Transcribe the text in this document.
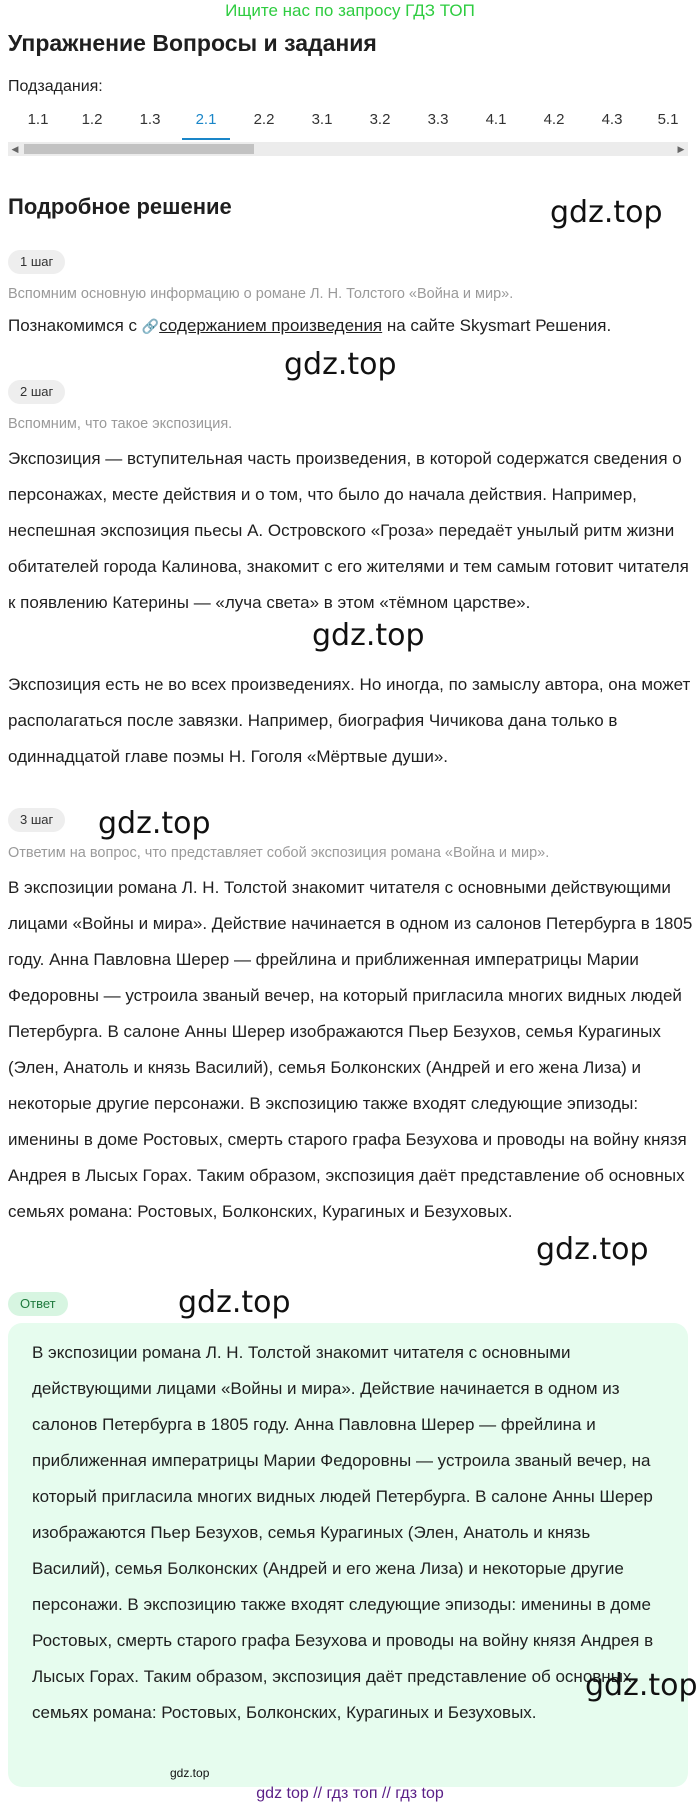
Ищите нас по запросу ГДЗ ТОП
Упражнение Вопросы и задания
Подзадания:
1.1	1.2	1.3	2.1	2.2	3.1	3.2	3.3	4.1	4.2	4.3	5.1
◀	▶
Подробное решение	gdz.top
1 шаг
Вспомним основную информацию о романе Л. Н. Толстого «Война и мир».
Познакомимся с 🔗содержанием произведения на сайте Skysmart Решения.
gdz.top
2 шаг
Вспомним, что такое экспозиция.
Экспозиция — вступительная часть произведения, в которой содержатся сведения о персонажах, месте действия и о том, что было до начала действия. Например, неспешная экспозиция пьесы А. Островского «Гроза» передаёт унылый ритм жизни обитателей города Калинова, знакомит с его жителями и тем самым готовит читателя к появлению Катерины — «луча света» в этом «тёмном царстве».
gdz.top
Экспозиция есть не во всех произведениях. Но иногда, по замыслу автора, она может располагаться после завязки. Например, биография Чичикова дана только в одиннадцатой главе поэмы Н. Гоголя «Мёртвые души».
gdz.top
3 шаг
Ответим на вопрос, что представляет собой экспозиция романа «Война и мир».
В экспозиции романа Л. Н. Толстой знакомит читателя с основными действующими лицами «Войны и мира». Действие начинается в одном из салонов Петербурга в 1805 году. Анна Павловна Шерер — фрейлина и приближенная императрицы Марии Федоровны — устроила званый вечер, на который пригласила многих видных людей Петербурга. В салоне Анны Шерер изображаются Пьер Безухов, семья Курагиных (Элен, Анатоль и князь Василий), семья Болконских (Андрей и его жена Лиза) и некоторые другие персонажи. В экспозицию также входят следующие эпизоды: именины в доме Ростовых, смерть старого графа Безухова и проводы на войну князя Андрея в Лысых Горах. Таким образом, экспозиция даёт представление об основных семьях романа: Ростовых, Болконских, Курагиных и Безуховых.
gdz.top
gdz.top
Ответ
В экспозиции романа Л. Н. Толстой знакомит читателя с основными действующими лицами «Войны и мира». Действие начинается в одном из салонов Петербурга в 1805 году. Анна Павловна Шерер — фрейлина и приближенная императрицы Марии Федоровны — устроила званый вечер, на который пригласила многих видных людей Петербурга. В салоне Анны Шерер изображаются Пьер Безухов, семья Курагиных (Элен, Анатоль и князь Василий), семья Болконских (Андрей и его жена Лиза) и некоторые другие персонажи. В экспозицию также входят следующие эпизоды: именины в доме Ростовых, смерть старого графа Безухова и проводы на войну князя Андрея в Лысых Горах. Таким образом, экспозиция даёт представление об основных семьях романа: Ростовых, Болконских, Курагиных и Безуховых.
gdz.top
gdz.top
gdz top // гдз топ // гдз top
